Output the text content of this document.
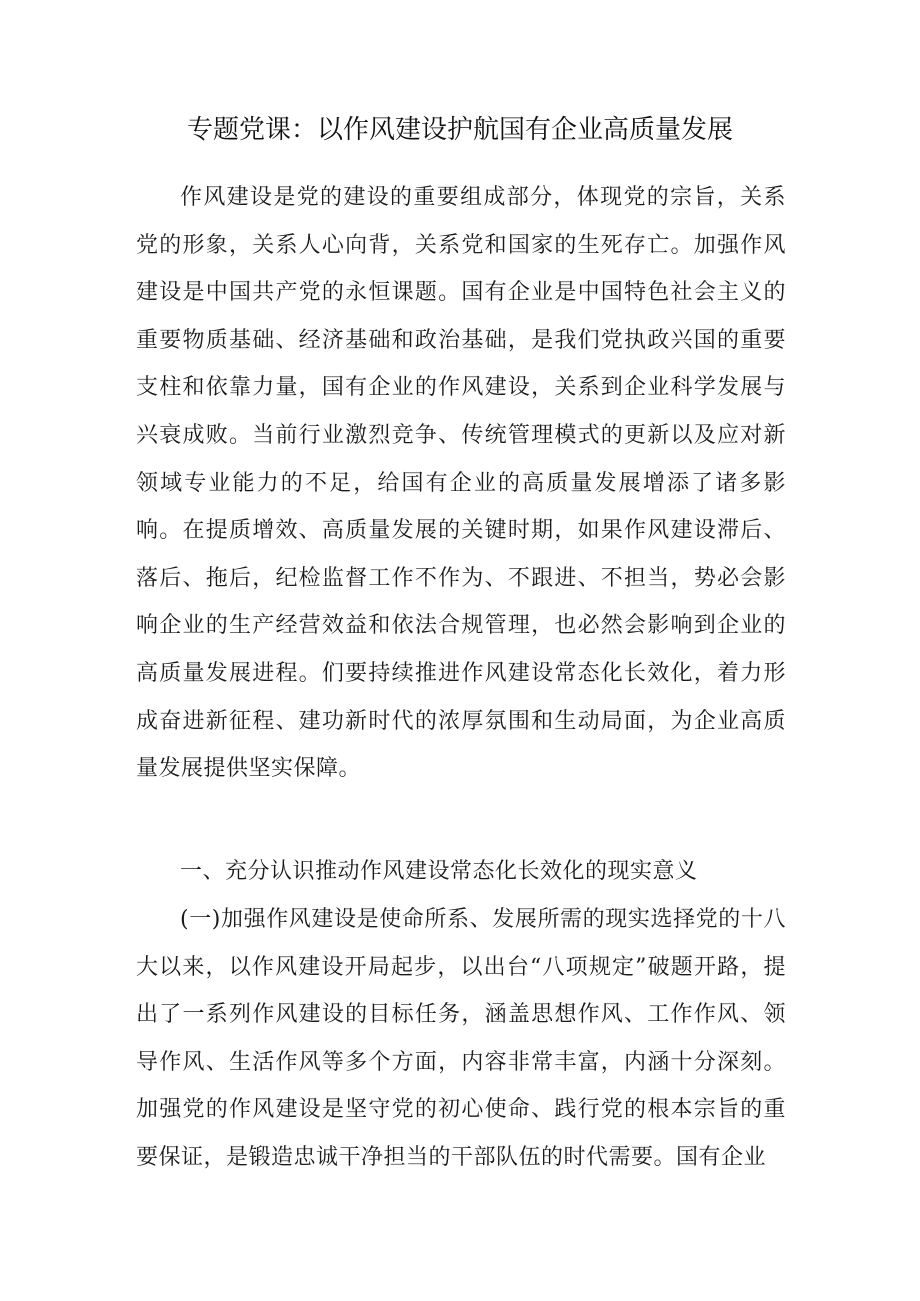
专题党课：以作风建设护航国有企业高质量发展

作风建设是党的建设的重要组成部分，体现党的宗旨，关系党的形象，关系人心向背，关系党和国家的生死存亡。加强作风建设是中国共产党的永恒课题。国有企业是中国特色社会主义的重要物质基础、经济基础和政治基础，是我们党执政兴国的重要支柱和依靠力量，国有企业的作风建设，关系到企业科学发展与兴衰成败。当前行业激烈竞争、传统管理模式的更新以及应对新领域专业能力的不足，给国有企业的高质量发展增添了诸多影响。在提质增效、高质量发展的关键时期，如果作风建设滞后、落后、拖后，纪检监督工作不作为、不跟进、不担当，势必会影响企业的生产经营效益和依法合规管理，也必然会影响到企业的高质量发展进程。们要持续推进作风建设常态化长效化，着力形成奋进新征程、建功新时代的浓厚氛围和生动局面，为企业高质量发展提供坚实保障。

一、充分认识推动作风建设常态化长效化的现实意义

(一)加强作风建设是使命所系、发展所需的现实选择党的十八大以来，以作风建设开局起步，以出台“八项规定”破题开路，提出了一系列作风建设的目标任务，涵盖思想作风、工作作风、领导作风、生活作风等多个方面，内容非常丰富，内涵十分深刻。加强党的作风建设是坚守党的初心使命、践行党的根本宗旨的重要保证，是锻造忠诚干净担当的干部队伍的时代需要。国有企业
